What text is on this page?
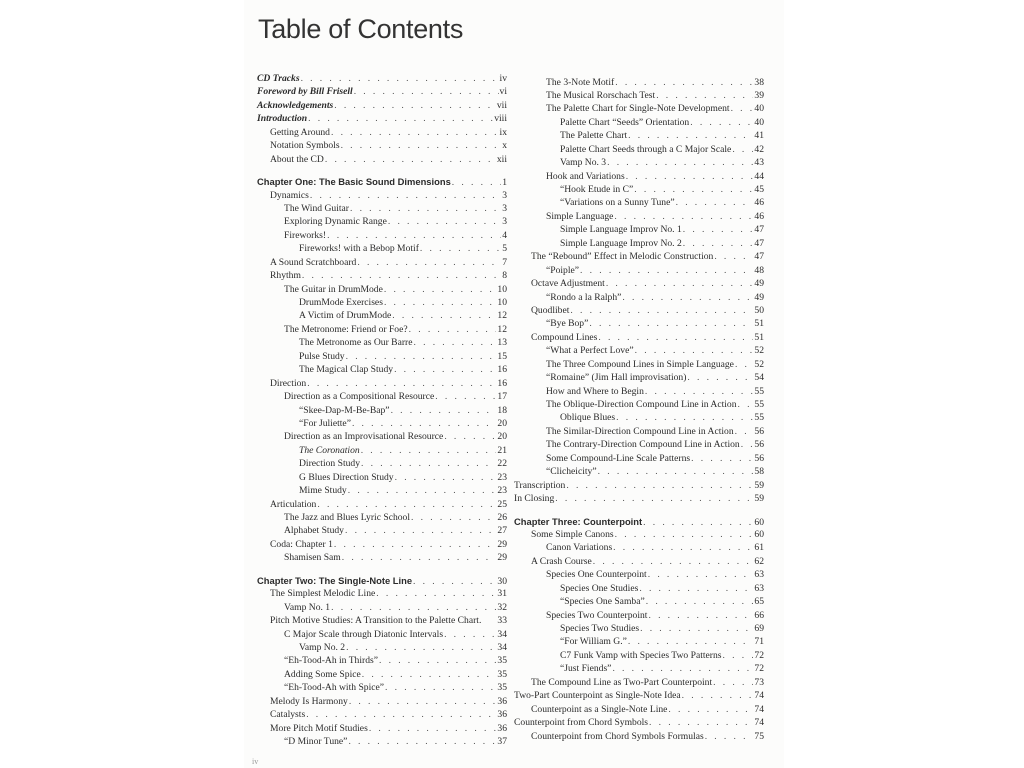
Table of Contents
CD Tracks . . .	iv
Foreword by Bill Frisell . . .	vi
Acknowledgements . . .	vii
Introduction . . .	viii
Getting Around . . .	ix
Notation Symbols . . .	x
About the CD . . .	xii
Chapter One: The Basic Sound Dimensions . . .	1
Dynamics . . .	3
The Wind Guitar . . .	3
Exploring Dynamic Range . . .	3
Fireworks! . . .	4
Fireworks! with a Bebop Motif . . .	5
A Sound Scratchboard . . .	7
Rhythm . . .	8
The Guitar in DrumMode . . .	10
DrumMode Exercises . . .	10
A Victim of DrumMode . . .	12
The Metronome: Friend or Foe? . . .	12
The Metronome as Our Barre . . .	13
Pulse Study . . .	15
The Magical Clap Study . . .	16
Direction . . .	16
Direction as a Compositional Resource . . .	17
“Skee-Dap-M-Be-Bap” . . .	18
“For Juliette” . . .	20
Direction as an Improvisational Resource . . .	20
The Coronation . . .	21
Direction Study . . .	22
G Blues Direction Study . . .	23
Mime Study . . .	23
Articulation . . .	25
The Jazz and Blues Lyric School . . .	26
Alphabet Study . . .	27
Coda: Chapter 1 . . .	29
Shamisen Sam . . .	29
Chapter Two: The Single-Note Line . . .	30
The Simplest Melodic Line . . .	31
Vamp No. 1 . . .	32
Pitch Motive Studies: A Transition to the Palette Chart .	33
C Major Scale through Diatonic Intervals . . .	34
Vamp No. 2 . . .	34
“Eh-Tood-Ah in Thirds” . . .	35
Adding Some Spice . . .	35
“Eh-Tood-Ah with Spice” . . .	35
Melody Is Harmony . . .	36
Catalysts . . .	36
More Pitch Motif Studies . . .	36
“D Minor Tune” . . .	37
The 3-Note Motif . . .	38
The Musical Rorschach Test . . .	39
The Palette Chart for Single-Note Development . . .	40
Palette Chart “Seeds” Orientation . . .	40
The Palette Chart . . .	41
Palette Chart Seeds through a C Major Scale . . . 42
Vamp No. 3 . . .	43
Hook and Variations . . .	44
“Hook Etude in C” . . .	45
“Variations on a Sunny Tune” . . .	46
Simple Language . . .	46
Simple Language Improv No. 1 . . .	47
Simple Language Improv No. 2 . . .	47
The “Rebound” Effect in Melodic Construction . . .	47
“Poiple” . . .	48
Octave Adjustment . . .	49
“Rondo a la Ralph” . . .	49
Quodlibet . . .	50
“Bye Bop” . . .	51
Compound Lines . . .	51
“What a Perfect Love” . . .	52
The Three Compound Lines in Simple Language . . . 52
“Romaine” (Jim Hall improvisation) . . .	54
How and Where to Begin . . .	55
The Oblique-Direction Compound Line in Action . . . 55
Oblique Blues . . .	55
The Similar-Direction Compound Line in Action . . . 56
The Contrary-Direction Compound Line in Action . . . 56
Some Compound-Line Scale Patterns . . .	56
“Clicheicity” . . .	58
Transcription . . .	59
In Closing . . .	59
Chapter Three: Counterpoint . . .	60
Some Simple Canons . . .	60
Canon Variations . . .	61
A Crash Course . . .	62
Species One Counterpoint . . .	63
Species One Studies . . .	63
“Species One Samba” . . .	65
Species Two Counterpoint . . .	66
Species Two Studies . . .	69
“For William G.” . . .	71
C7 Funk Vamp with Species Two Patterns . . .	72
“Just Fiends” . . .	72
The Compound Line as Two-Part Counterpoint . . .	73
Two-Part Counterpoint as Single-Note Idea . . .	74
Counterpoint as a Single-Note Line . . .	74
Counterpoint from Chord Symbols . . .	74
Counterpoint from Chord Symbols Formulas . . .	75
iv
